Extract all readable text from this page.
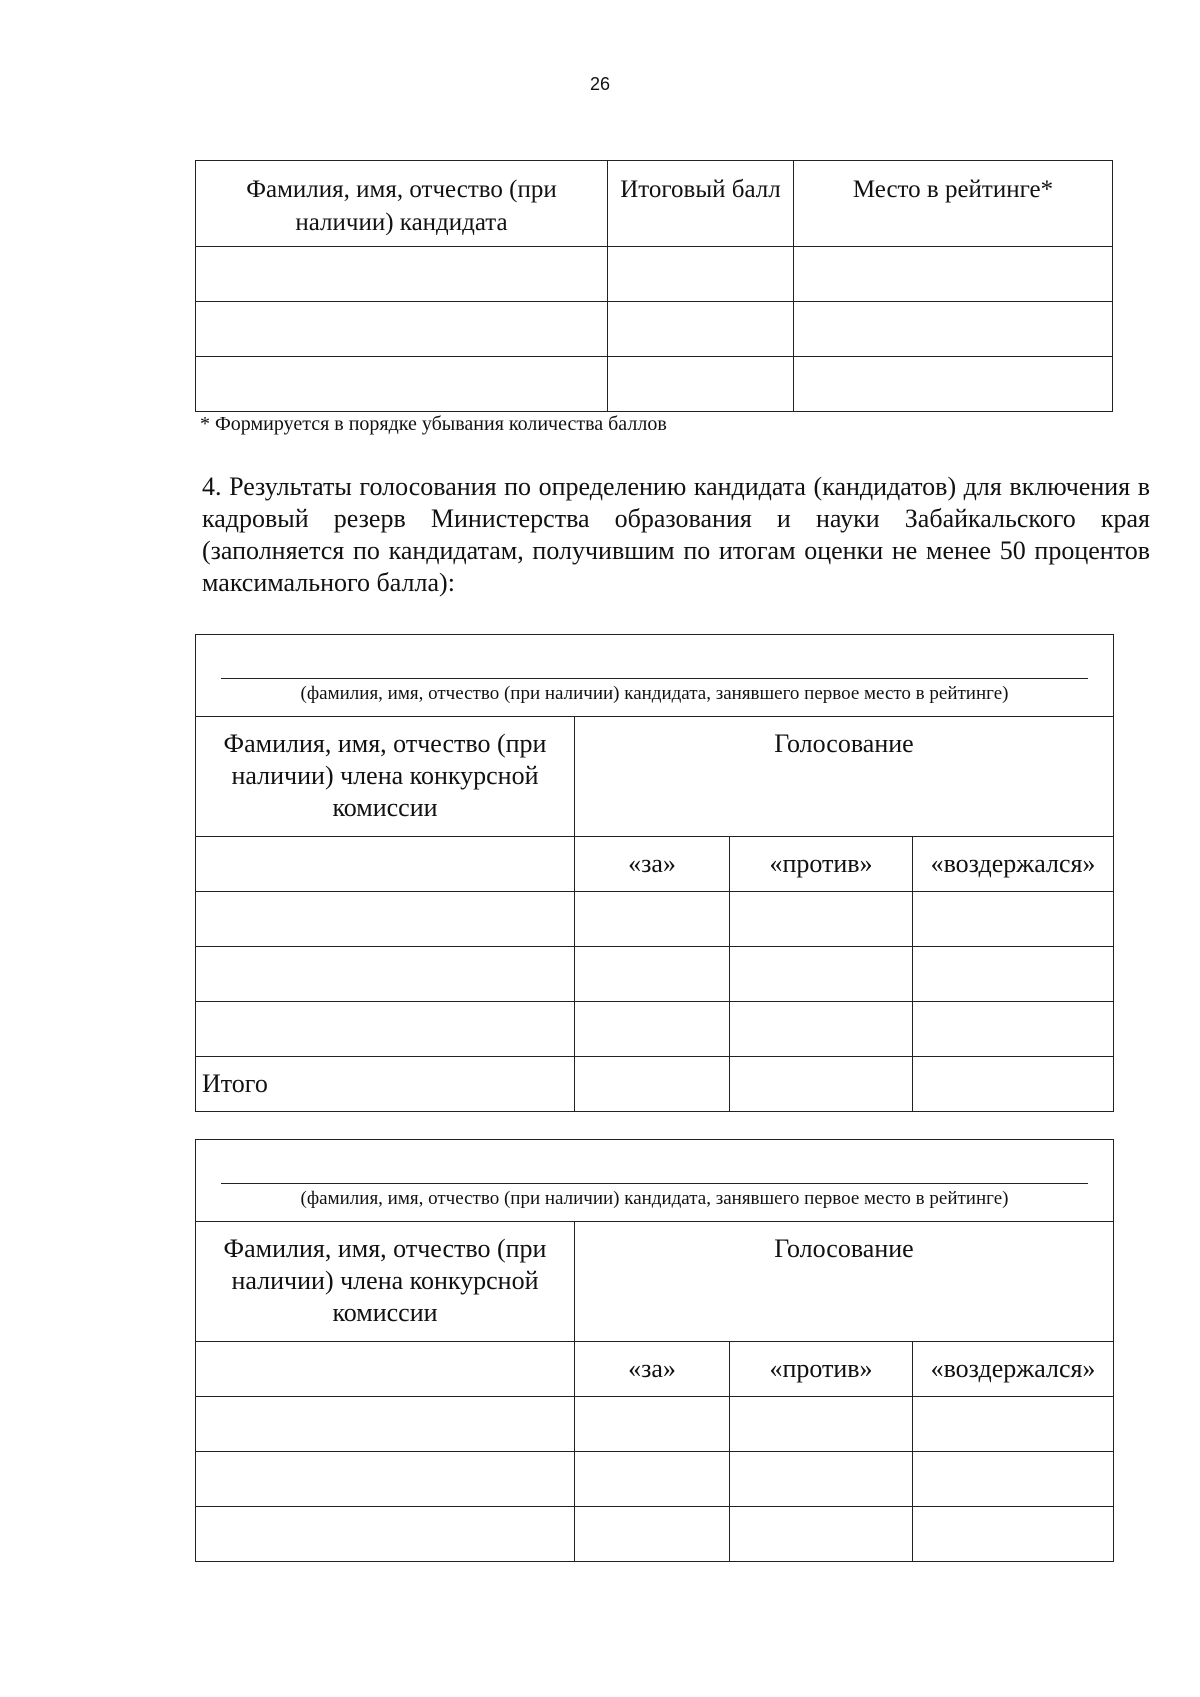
26
Фамилия, имя, отчество (при наличии) кандидата	Итоговый балл	Место в рейтинге*

* Формируется в порядке убывания количества баллов
4. Результаты голосования по определению кандидата (кандидатов) для включения в кадровый резерв Министерства образования и науки Забайкальского края (заполняется по кандидатам, получившим по итогам оценки не менее 50 процентов максимального балла):
(фамилия, имя, отчество (при наличии) кандидата, занявшего первое место в рейтинге)			

Фамилия, имя, отчество (при наличии) члена конкурсной комиссии	Голосование		
	«за»	«против»	«воздержался»

Итого			
(фамилия, имя, отчество (при наличии) кандидата, занявшего первое место в рейтинге)			

Фамилия, имя, отчество (при наличии) члена конкурсной комиссии	Голосование		
	«за»	«против»	«воздержался»
